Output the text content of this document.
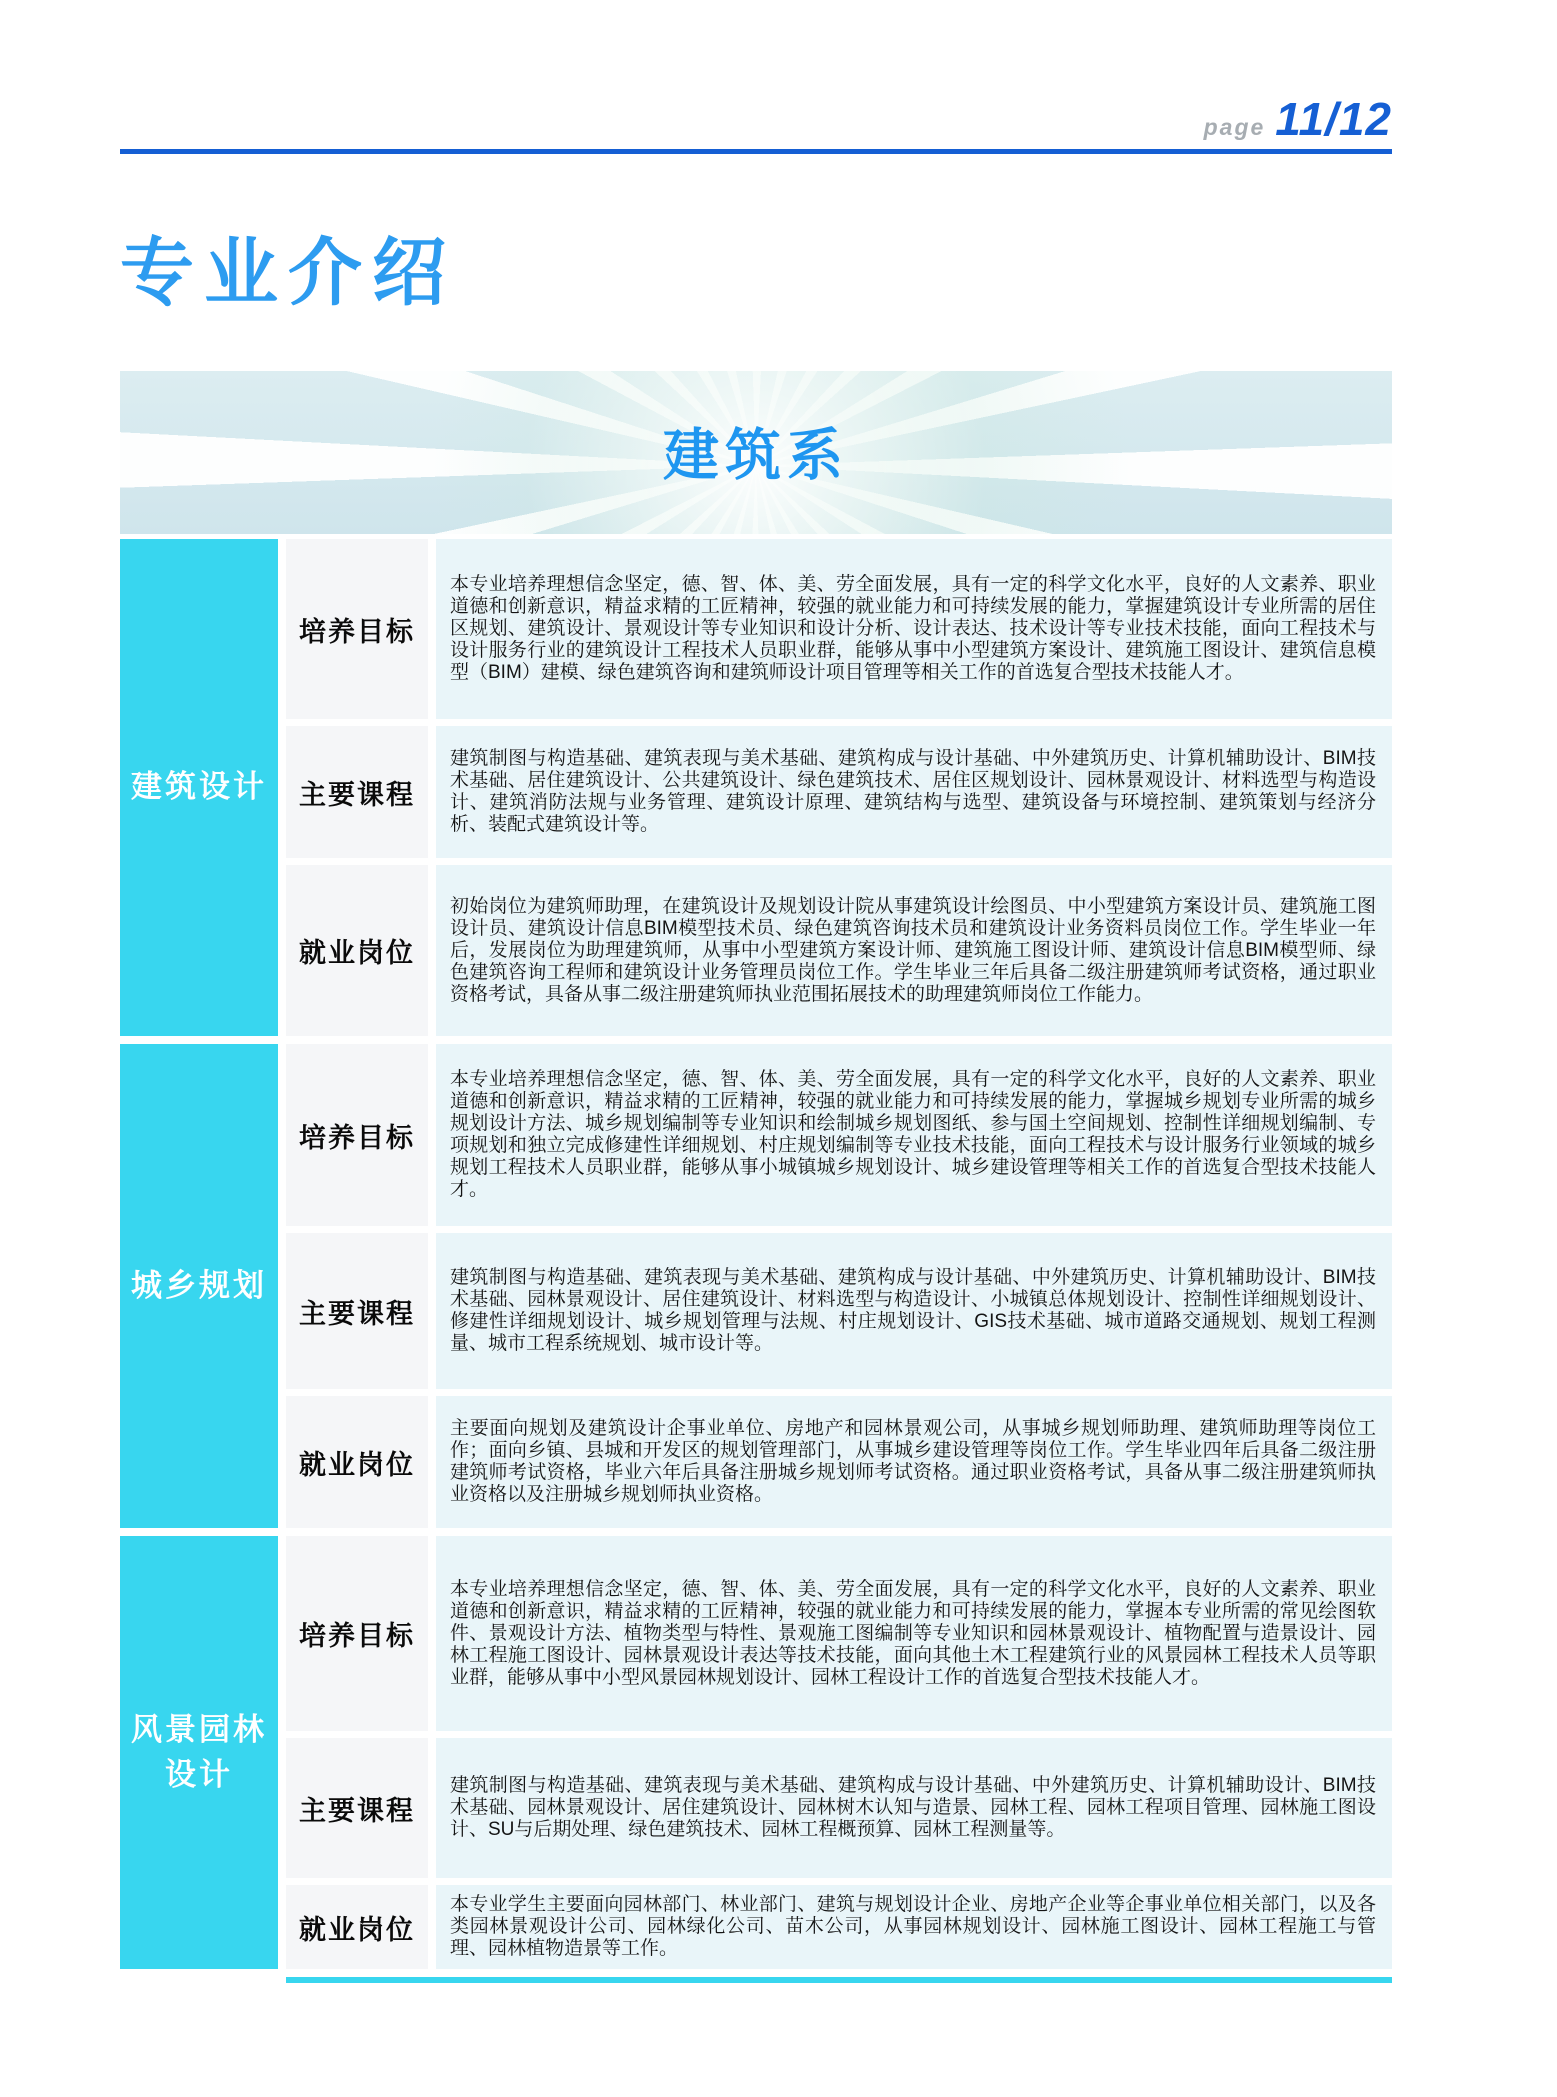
page 11/12
专业介绍
建筑系
建筑设计
培养目标

本专业培养理想信念坚定，德、智、体、美、劳全面发展，具有一定的科学文化水平，良好的人文素养、职业道德和创新意识，精益求精的工匠精神，较强的就业能力和可持续发展的能力，掌握建筑设计专业所需的居住区规划、建筑设计、景观设计等专业知识和设计分析、设计表达、技术设计等专业技术技能，面向工程技术与设计服务行业的建筑设计工程技术人员职业群，能够从事中小型建筑方案设计、建筑施工图设计、建筑信息模型（BIM）建模、绿色建筑咨询和建筑师设计项目管理等相关工作的首选复合型技术技能人才。

主要课程

建筑制图与构造基础、建筑表现与美术基础、建筑构成与设计基础、中外建筑历史、计算机辅助设计、BIM技术基础、居住建筑设计、公共建筑设计、绿色建筑技术、居住区规划设计、园林景观设计、材料选型与构造设计、建筑消防法规与业务管理、建筑设计原理、建筑结构与选型、建筑设备与环境控制、建筑策划与经济分析、装配式建筑设计等。

就业岗位

初始岗位为建筑师助理，在建筑设计及规划设计院从事建筑设计绘图员、中小型建筑方案设计员、建筑施工图设计员、建筑设计信息BIM模型技术员、绿色建筑咨询技术员和建筑设计业务资料员岗位工作。学生毕业一年后，发展岗位为助理建筑师，从事中小型建筑方案设计师、建筑施工图设计师、建筑设计信息BIM模型师、绿色建筑咨询工程师和建筑设计业务管理员岗位工作。学生毕业三年后具备二级注册建筑师考试资格，通过职业资格考试，具备从事二级注册建筑师执业范围拓展技术的助理建筑师岗位工作能力。

城乡规划
培养目标

本专业培养理想信念坚定，德、智、体、美、劳全面发展，具有一定的科学文化水平，良好的人文素养、职业道德和创新意识，精益求精的工匠精神，较强的就业能力和可持续发展的能力，掌握城乡规划专业所需的城乡规划设计方法、城乡规划编制等专业知识和绘制城乡规划图纸、参与国土空间规划、控制性详细规划编制、专项规划和独立完成修建性详细规划、村庄规划编制等专业技术技能，面向工程技术与设计服务行业领域的城乡规划工程技术人员职业群，能够从事小城镇城乡规划设计、城乡建设管理等相关工作的首选复合型技术技能人才。

主要课程

建筑制图与构造基础、建筑表现与美术基础、建筑构成与设计基础、中外建筑历史、计算机辅助设计、BIM技术基础、园林景观设计、居住建筑设计、材料选型与构造设计、小城镇总体规划设计、控制性详细规划设计、修建性详细规划设计、城乡规划管理与法规、村庄规划设计、GIS技术基础、城市道路交通规划、规划工程测量、城市工程系统规划、城市设计等。

就业岗位

主要面向规划及建筑设计企事业单位、房地产和园林景观公司，从事城乡规划师助理、建筑师助理等岗位工作；面向乡镇、县城和开发区的规划管理部门，从事城乡建设管理等岗位工作。学生毕业四年后具备二级注册建筑师考试资格，毕业六年后具备注册城乡规划师考试资格。通过职业资格考试，具备从事二级注册建筑师执业资格以及注册城乡规划师执业资格。

风景园林设计
培养目标

本专业培养理想信念坚定，德、智、体、美、劳全面发展，具有一定的科学文化水平，良好的人文素养、职业道德和创新意识，精益求精的工匠精神，较强的就业能力和可持续发展的能力，掌握本专业所需的常见绘图软件、景观设计方法、植物类型与特性、景观施工图编制等专业知识和园林景观设计、植物配置与造景设计、园林工程施工图设计、园林景观设计表达等技术技能，面向其他土木工程建筑行业的风景园林工程技术人员等职业群，能够从事中小型风景园林规划设计、园林工程设计工作的首选复合型技术技能人才。

主要课程

建筑制图与构造基础、建筑表现与美术基础、建筑构成与设计基础、中外建筑历史、计算机辅助设计、BIM技术基础、园林景观设计、居住建筑设计、园林树木认知与造景、园林工程、园林工程项目管理、园林施工图设计、SU与后期处理、绿色建筑技术、园林工程概预算、园林工程测量等。

就业岗位

本专业学生主要面向园林部门、林业部门、建筑与规划设计企业、房地产企业等企事业单位相关部门，以及各类园林景观设计公司、园林绿化公司、苗木公司，从事园林规划设计、园林施工图设计、园林工程施工与管理、园林植物造景等工作。
